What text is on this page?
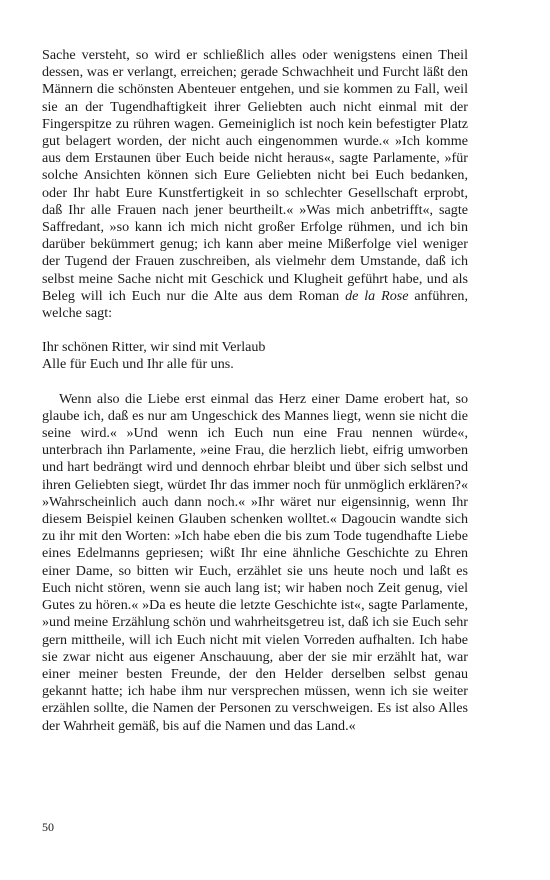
Sache versteht, so wird er schließlich alles oder wenigstens einen Theil dessen, was er verlangt, erreichen; gerade Schwachheit und Furcht läßt den Männern die schönsten Abenteuer entgehen, und sie kommen zu Fall, weil sie an der Tugendhaftigkeit ihrer Geliebten auch nicht einmal mit der Fingerspitze zu rühren wagen. Gemeiniglich ist noch kein befestigter Platz gut belagert worden, der nicht auch eingenommen wurde.« »Ich komme aus dem Erstaunen über Euch beide nicht heraus«, sagte Parlamente, »für solche Ansichten können sich Eure Geliebten nicht bei Euch bedanken, oder Ihr habt Eure Kunstfertigkeit in so schlechter Gesellschaft erprobt, daß Ihr alle Frauen nach jener beurtheilt.« »Was mich anbetrifft«, sagte Saffredant, »so kann ich mich nicht großer Erfolge rühmen, und ich bin darüber bekümmert genug; ich kann aber meine Mißerfolge viel weniger der Tugend der Frauen zuschreiben, als vielmehr dem Umstande, daß ich selbst meine Sache nicht mit Geschick und Klugheit geführt habe, und als Beleg will ich Euch nur die Alte aus dem Roman de la Rose anführen, welche sagt:

Ihr schönen Ritter, wir sind mit Verlaub
Alle für Euch und Ihr alle für uns.

Wenn also die Liebe erst einmal das Herz einer Dame erobert hat, so glaube ich, daß es nur am Ungeschick des Mannes liegt, wenn sie nicht die seine wird.« »Und wenn ich Euch nun eine Frau nennen würde«, unterbrach ihn Parlamente, »eine Frau, die herzlich liebt, eifrig umworben und hart bedrängt wird und dennoch ehrbar bleibt und über sich selbst und ihren Geliebten siegt, würdet Ihr das immer noch für unmöglich erklären?« »Wahrscheinlich auch dann noch.« »Ihr wäret nur eigensinnig, wenn Ihr diesem Beispiel keinen Glauben schenken wolltet.« Dagoucin wandte sich zu ihr mit den Worten: »Ich habe eben die bis zum Tode tugendhafte Liebe eines Edelmanns gepriesen; wißt Ihr eine ähnliche Geschichte zu Ehren einer Dame, so bitten wir Euch, erzählet sie uns heute noch und laßt es Euch nicht stören, wenn sie auch lang ist; wir haben noch Zeit genug, viel Gutes zu hören.« »Da es heute die letzte Geschichte ist«, sagte Parlamente, »und meine Erzählung schön und wahrheitsgetreu ist, daß ich sie Euch sehr gern mittheile, will ich Euch nicht mit vielen Vorreden aufhalten. Ich habe sie zwar nicht aus eigener Anschauung, aber der sie mir erzählt hat, war einer meiner besten Freunde, der den Helder derselben selbst genau gekannt hatte; ich habe ihm nur versprechen müssen, wenn ich sie weiter erzählen sollte, die Namen der Personen zu verschweigen. Es ist also Alles der Wahrheit gemäß, bis auf die Namen und das Land.«

50
